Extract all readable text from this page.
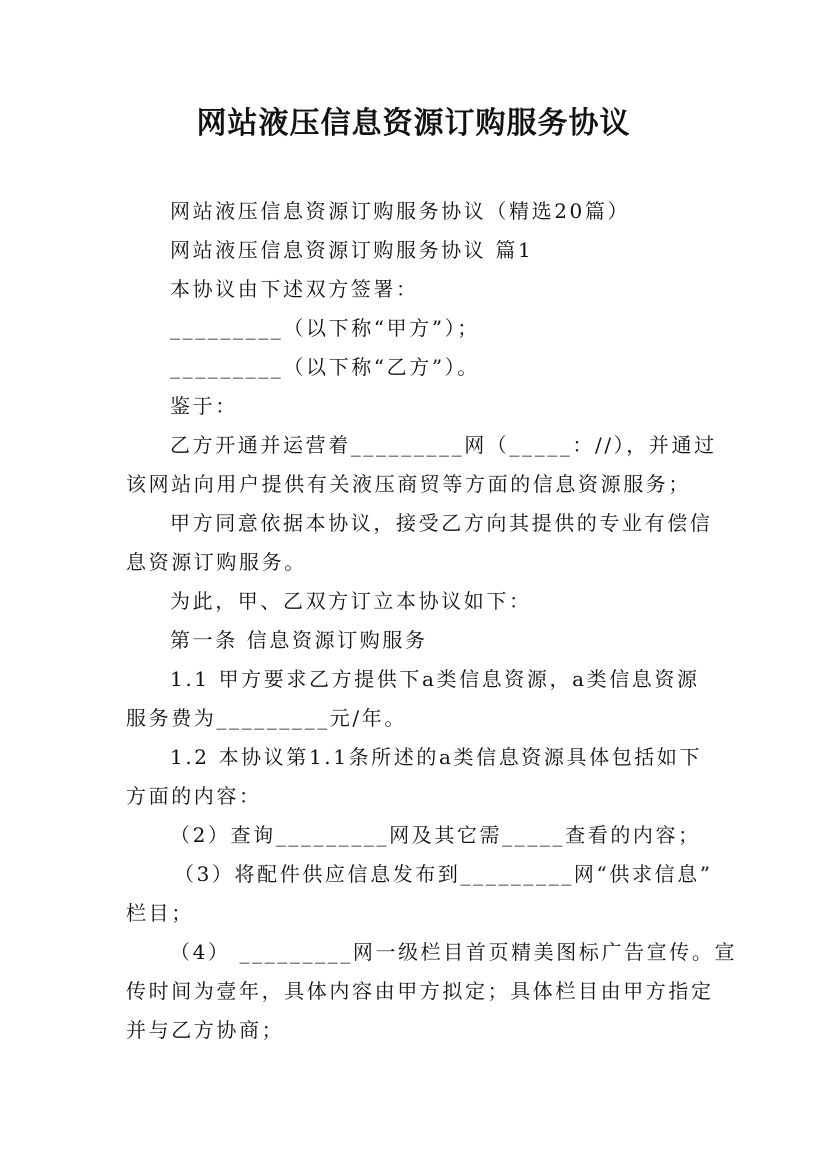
网站液压信息资源订购服务协议
网站液压信息资源订购服务协议（精选20篇）
网站液压信息资源订购服务协议 篇1
本协议由下述双方签署：
_________（以下称“甲方”）；
_________（以下称“乙方”）。
鉴于：
乙方开通并运营着_________网（_____：//），并通过
该网站向用户提供有关液压商贸等方面的信息资源服务；
甲方同意依据本协议，接受乙方向其提供的专业有偿信
息资源订购服务。
为此，甲、乙双方订立本协议如下：
第一条 信息资源订购服务
1.1 甲方要求乙方提供下a类信息资源，a类信息资源
服务费为_________元/年。
1.2 本协议第1.1条所述的a类信息资源具体包括如下
方面的内容：
（2）查询_________网及其它需_____查看的内容；
（3）将配件供应信息发布到_________网“供求信息”
栏目；
（4） _________网一级栏目首页精美图标广告宣传。宣
传时间为壹年，具体内容由甲方拟定；具体栏目由甲方指定
并与乙方协商；
